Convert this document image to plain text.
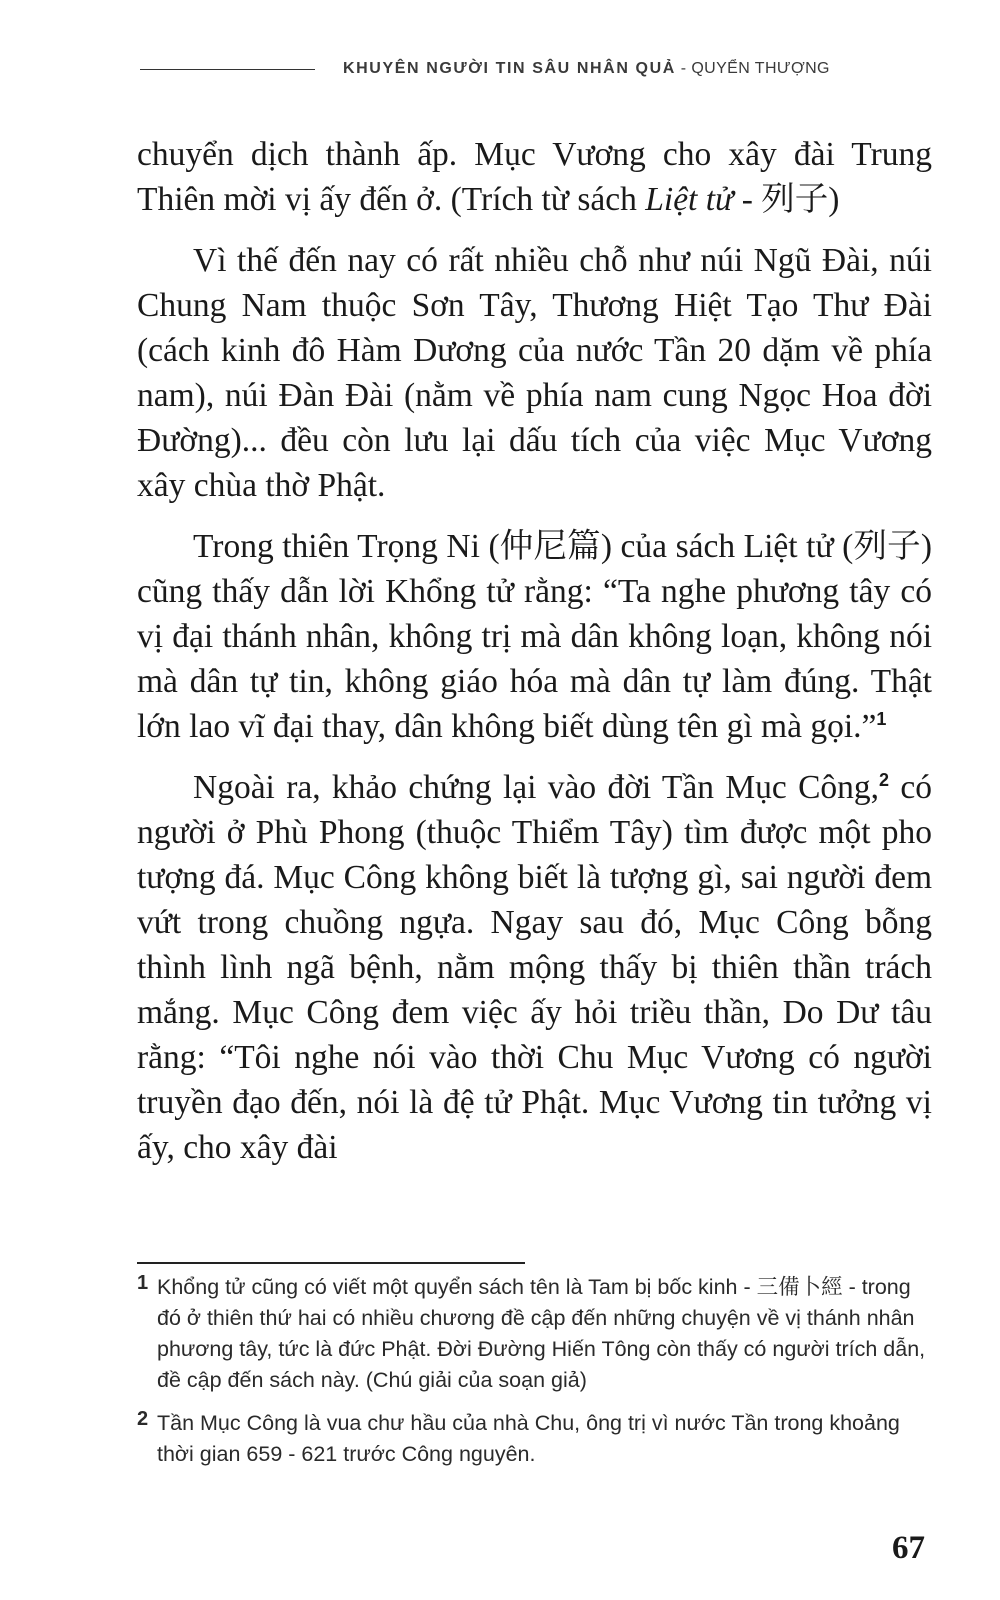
KHUYÊN NGƯỜI TIN SÂU NHÂN QUẢ - QUYỂN THƯỢNG

chuyển dịch thành ấp. Mục Vương cho xây đài Trung Thiên mời vị ấy đến ở. (Trích từ sách Liệt tử - 列子)

Vì thế đến nay có rất nhiều chỗ như núi Ngũ Đài, núi Chung Nam thuộc Sơn Tây, Thương Hiệt Tạo Thư Đài (cách kinh đô Hàm Dương của nước Tần 20 dặm về phía nam), núi Đàn Đài (nằm về phía nam cung Ngọc Hoa đời Đường)... đều còn lưu lại dấu tích của việc Mục Vương xây chùa thờ Phật.

Trong thiên Trọng Ni (仲尼篇) của sách Liệt tử (列子) cũng thấy dẫn lời Khổng tử rằng: “Ta nghe phương tây có vị đại thánh nhân, không trị mà dân không loạn, không nói mà dân tự tin, không giáo hóa mà dân tự làm đúng. Thật lớn lao vĩ đại thay, dân không biết dùng tên gì mà gọi.”$^1$

Ngoài ra, khảo chứng lại vào đời Tần Mục Công,$^2$ có người ở Phù Phong (thuộc Thiểm Tây) tìm được một pho tượng đá. Mục Công không biết là tượng gì, sai người đem vứt trong chuồng ngựa. Ngay sau đó, Mục Công bỗng thình lình ngã bệnh, nằm mộng thấy bị thiên thần trách mắng. Mục Công đem việc ấy hỏi triều thần, Do Dư tâu rằng: “Tôi nghe nói vào thời Chu Mục Vương có người truyền đạo đến, nói là đệ tử Phật. Mục Vương tin tưởng vị ấy, cho xây đài

1 Khổng tử cũng có viết một quyển sách tên là Tam bị bốc kinh - 三備卜經 - trong đó ở thiên thứ hai có nhiều chương đề cập đến những chuyện về vị thánh nhân phương tây, tức là đức Phật. Đời Đường Hiến Tông còn thấy có người trích dẫn, đề cập đến sách này. (Chú giải của soạn giả)
2 Tần Mục Công là vua chư hầu của nhà Chu, ông trị vì nước Tần trong khoảng thời gian 659 - 621 trước Công nguyên.
67
